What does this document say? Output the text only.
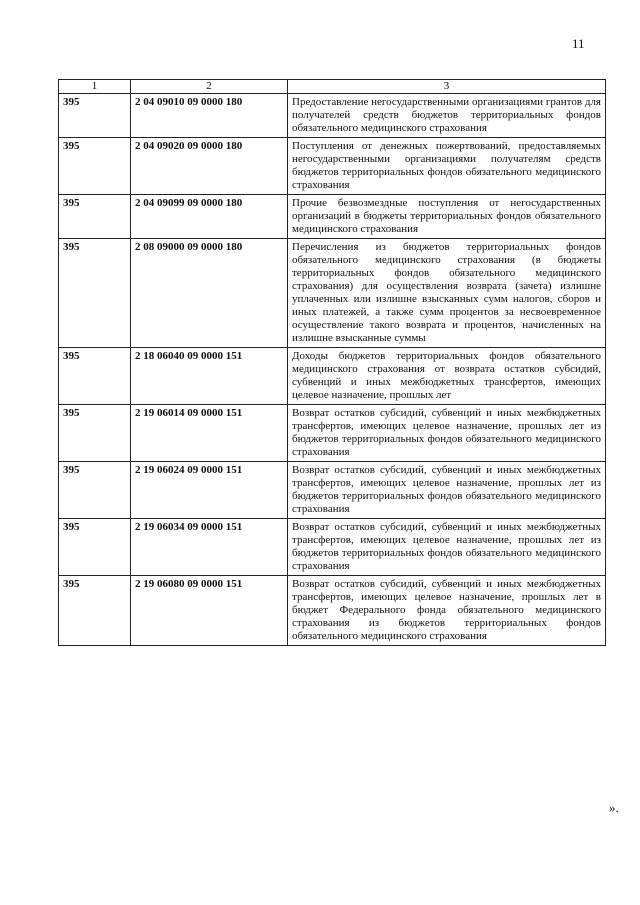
11
1	2	3
395	2 04 09010 09 0000 180	Предоставление негосударственными организациями грантов для получателей средств бюджетов территориальных фондов обязательного медицинского страхования
395	2 04 09020 09 0000 180	Поступления от денежных пожертвований, предоставляемых негосударственными организациями получателям средств бюджетов территориальных фондов обязательного медицинского страхования
395	2 04 09099 09 0000 180	Прочие безвозмездные поступления от негосударственных организаций в бюджеты территориальных фондов обязательного медицинского страхования
395	2 08 09000 09 0000 180	Перечисления из бюджетов территориальных фондов обязательного медицинского страхования (в бюджеты территориальных фондов обязательного медицинского страхования) для осуществления возврата (зачета) излишне уплаченных или излишне взысканных сумм налогов, сборов и иных платежей, а также сумм процентов за несвоевременное осуществление такого возврата и процентов, начисленных на излишне взысканные суммы
395	2 18 06040 09 0000 151	Доходы бюджетов территориальных фондов обязательного медицинского страхования от возврата остатков субсидий, субвенций и иных межбюджетных трансфертов, имеющих целевое назначение, прошлых лет
395	2 19 06014 09 0000 151	Возврат остатков субсидий, субвенций и иных межбюджетных трансфертов, имеющих целевое назначение, прошлых лет из бюджетов территориальных фондов обязательного медицинского страхования
395	2 19 06024 09 0000 151	Возврат остатков субсидий, субвенций и иных межбюджетных трансфертов, имеющих целевое назначение, прошлых лет из бюджетов территориальных фондов обязательного медицинского страхования
395	2 19 06034 09 0000 151	Возврат остатков субсидий, субвенций и иных межбюджетных трансфертов, имеющих целевое назначение, прошлых лет из бюджетов территориальных фондов обязательного медицинского страхования
395	2 19 06080 09 0000 151	Возврат остатков субсидий, субвенций и иных межбюджетных трансфертов, имеющих целевое назначение, прошлых лет в бюджет Федерального фонда обязательного медицинского страхования из бюджетов территориальных фондов обязательного медицинского страхования
».
